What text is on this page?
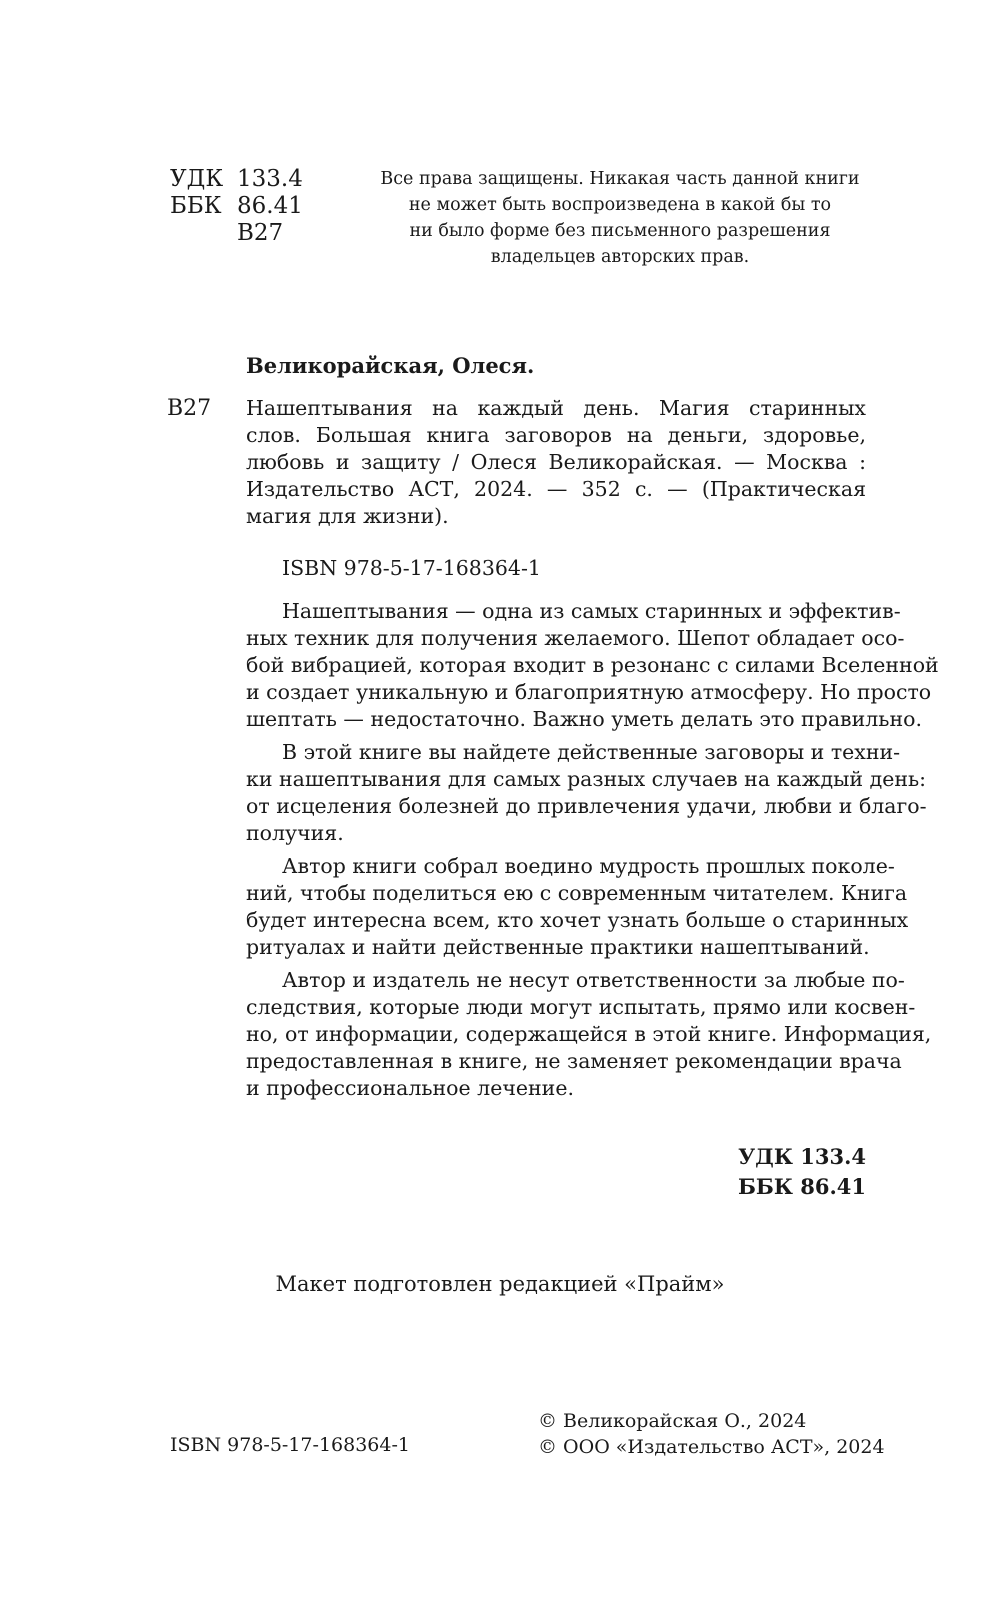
УДК 133.4
ББК 86.41
В27
Все права защищены. Никакая часть данной книги
не может быть воспроизведена в какой бы то
ни было форме без письменного разрешения
владельцев авторских прав.
Великорайская, Олеся.
В27 Нашептывания на каждый день. Магия старинных
слов. Большая книга заговоров на деньги, здоровье,
любовь и защиту / Олеся Великорайская. — Москва :
Издательство АСТ, 2024. — 352 с. — (Практическая
магия для жизни).
ISBN 978-5-17-168364-1
Нашептывания — одна из самых старинных и эффектив-
ных техник для получения желаемого. Шепот обладает осо-
бой вибрацией, которая входит в резонанс с силами Вселенной
и создает уникальную и благоприятную атмосферу. Но просто
шептать — недостаточно. Важно уметь делать это правильно.
В этой книге вы найдете действенные заговоры и техни-
ки нашептывания для самых разных случаев на каждый день:
от исцеления болезней до привлечения удачи, любви и благо-
получия.
Автор книги собрал воедино мудрость прошлых поколе-
ний, чтобы поделиться ею с современным читателем. Книга
будет интересна всем, кто хочет узнать больше о старинных
ритуалах и найти действенные практики нашептываний.
Автор и издатель не несут ответственности за любые по-
следствия, которые люди могут испытать, прямо или косвен-
но, от информации, содержащейся в этой книге. Информация,
предоставленная в книге, не заменяет рекомендации врача
и профессиональное лечение.
УДК 133.4
ББК 86.41
Макет подготовлен редакцией «Прайм»
ISBN 978-5-17-168364-1
© Великорайская О., 2024
© ООО «Издательство АСТ», 2024
